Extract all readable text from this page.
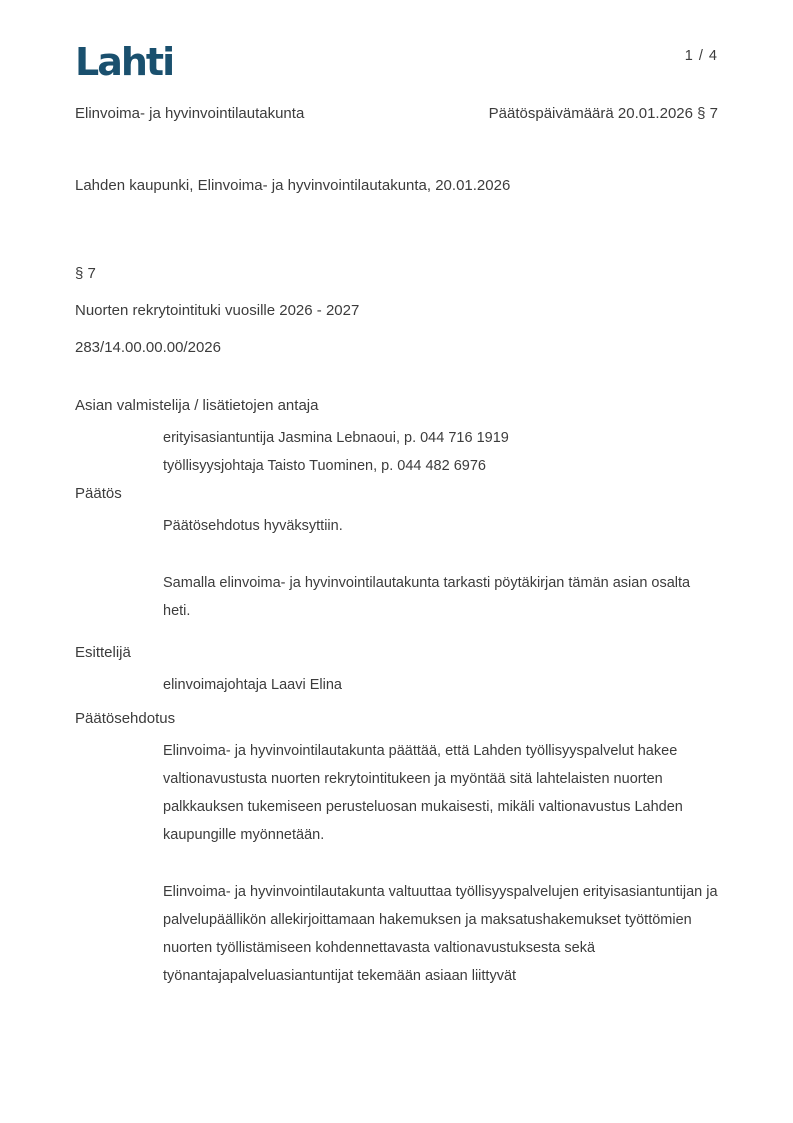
Lahti	1 / 4
Elinvoima- ja hyvinvointilautakunta	Päätöspäivämäärä 20.01.2026 § 7
Lahden kaupunki, Elinvoima- ja hyvinvointilautakunta, 20.01.2026
§ 7
Nuorten rekrytointituki vuosille 2026 - 2027
283/14.00.00.00/2026
Asian valmistelija / lisätietojen antaja
erityisasiantuntija Jasmina Lebnaoui, p. 044 716 1919
työllisyysjohtaja Taisto Tuominen, p. 044 482 6976
Päätös
Päätösehdotus hyväksyttiin.
Samalla elinvoima- ja hyvinvointilautakunta tarkasti pöytäkirjan tämän asian osalta heti.
Esittelijä
elinvoimajohtaja Laavi Elina
Päätösehdotus
Elinvoima- ja hyvinvointilautakunta päättää, että Lahden työllisyyspalvelut hakee valtionavustusta nuorten rekrytointitukeen ja myöntää sitä lahtelaisten nuorten palkkauksen tukemiseen perusteluosan mukaisesti, mikäli valtionavustus Lahden kaupungille myönnetään.
Elinvoima- ja hyvinvointilautakunta valtuuttaa työllisyyspalvelujen erityisasiantuntijan ja palvelupäällikön allekirjoittamaan hakemuksen ja maksatushakemukset työttömien nuorten työllistämiseen kohdennettavasta valtionavustuksesta sekä työnantajapalveluasiantuntijat tekemään asiaan liittyvät
